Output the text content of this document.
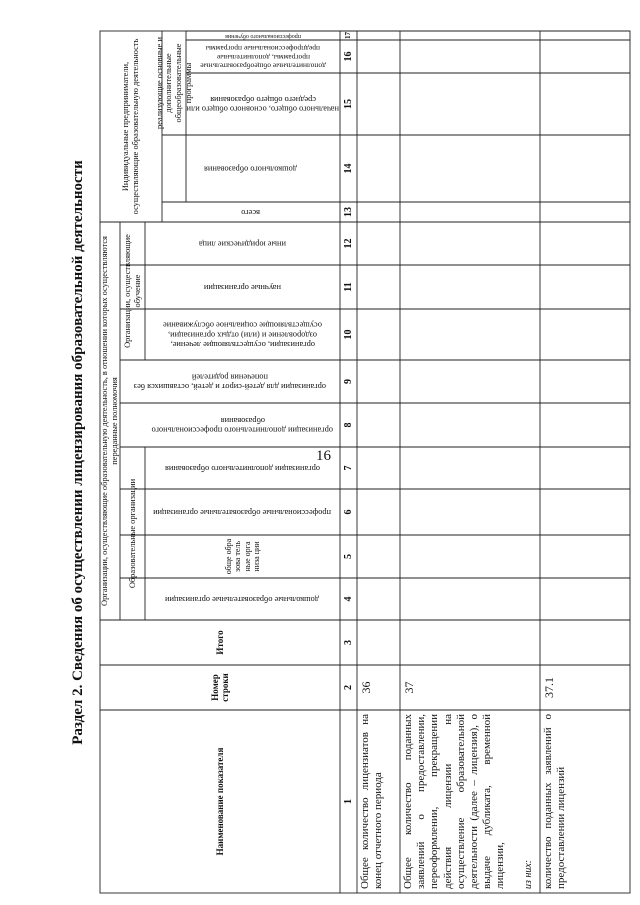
16
Раздел 2. Сведения об осуществлении лицензирования образовательной деятельности
Наименование показателя
Номер строки
Итого
Организации, осуществляющие образовательную деятельность, в отношении которых осуществляются переданные полномочия
Образовательные организации
Организации, осуществляющие обучение
Индивидуальные предприниматели, осуществляющие образовательную деятельность	реализующие основные и дополнительные общеобразовательные программы
дошкольные образовательные организации
обще обра зова тель ные орга низа ции
профессиональные образовательные организации
организации дополнительного образования
организации дополнительного профессионального образования
организации для детей-сирот и детей, оставшихся без попечения родителей
организации, осуществляющие лечение, оздоровление и (или) отдых организации, осуществляющие социальное обслуживание
научные организации
иные юридические лица
всего
дошкольного образования
начального общего, основного общего или среднего общего образования
дополнительные общеобразовательные программы, дополнительные предпрофессиональные программы
профессионального обучения
1
2
3
4
5
6
7
8
9
10
11
12
13
14
15
16
17
Общее количество лицензиатов на конец отчетного периода
36
Общее количество поданных заявлений о предоставлении, переоформлении, прекращении действия лицензии на осуществление образовательной деятельности (далее – лицензия), о выдаче дубликата, временной лицензии,	из них:
37
количество поданных заявлений о предоставлении лицензий
37.1
